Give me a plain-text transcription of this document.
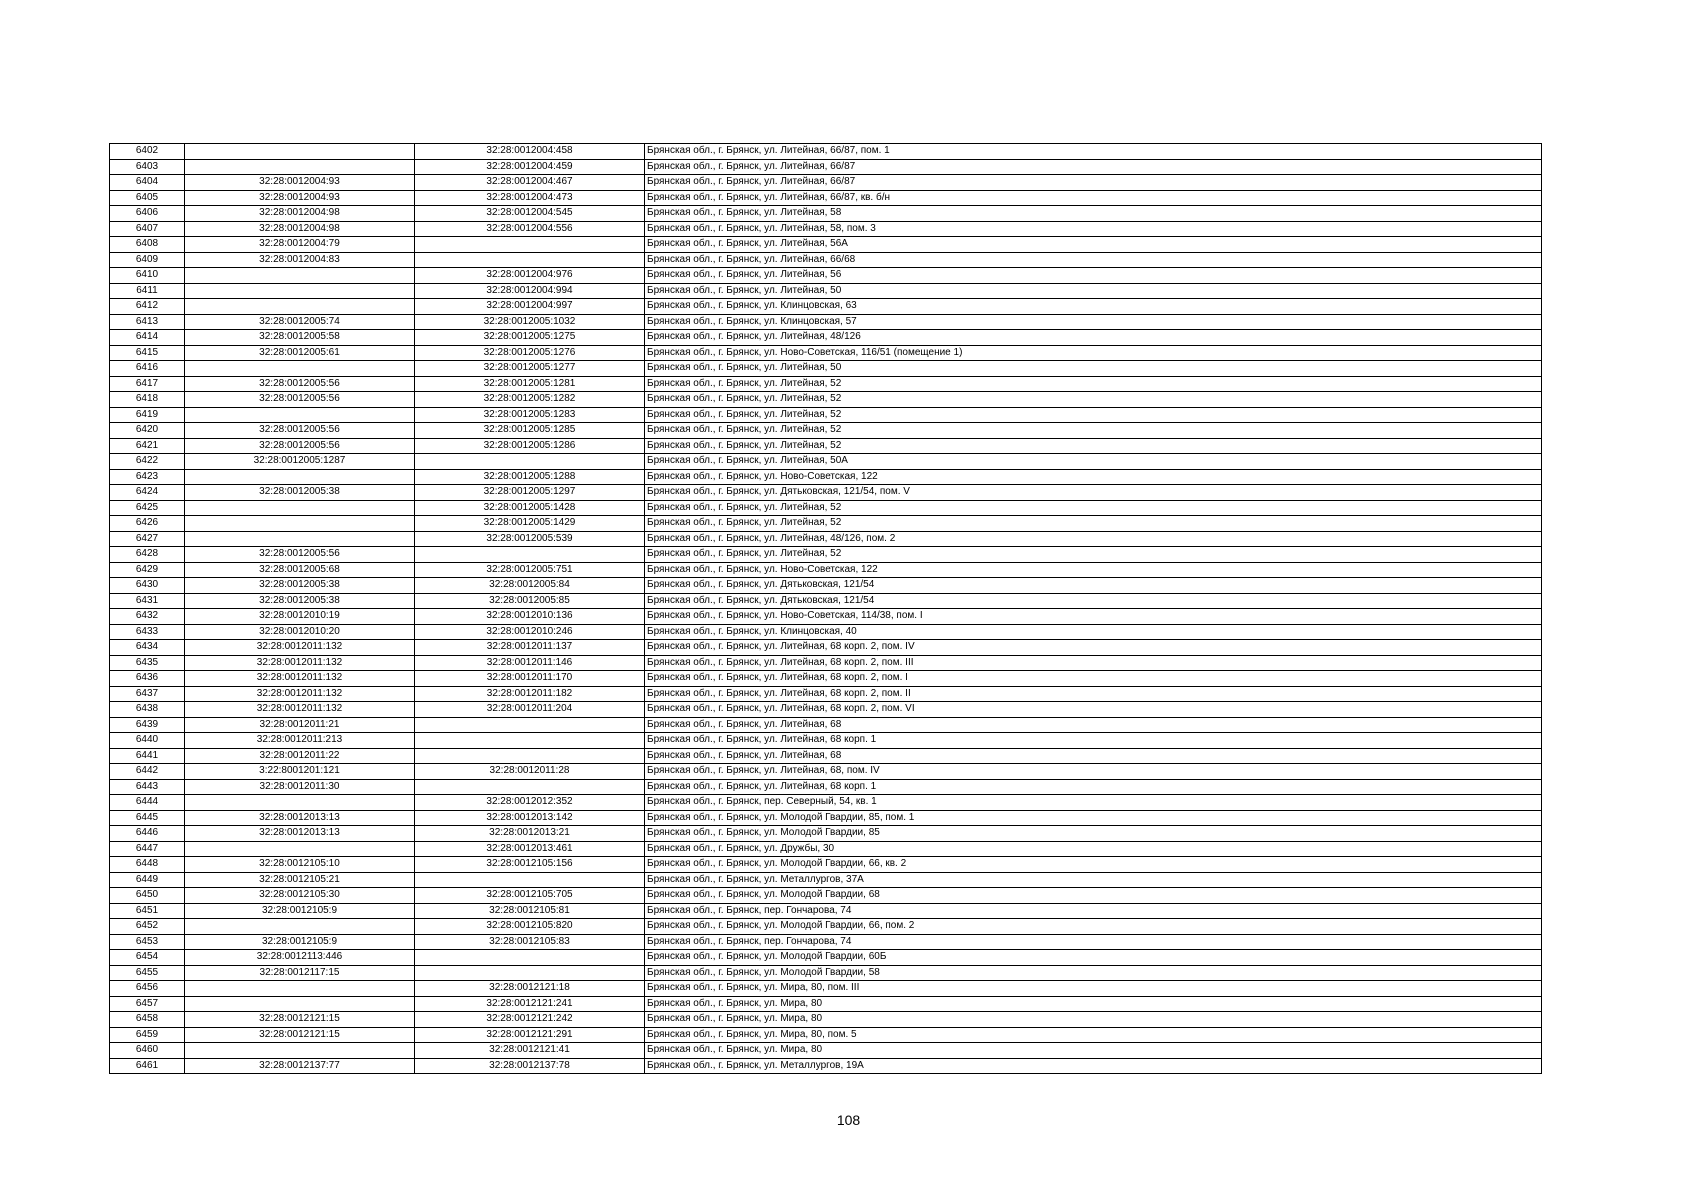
6402		32:28:0012004:458	Брянская обл., г. Брянск, ул. Литейная, 66/87, пом. 1
6403		32:28:0012004:459	Брянская обл., г. Брянск, ул. Литейная, 66/87
6404	32:28:0012004:93	32:28:0012004:467	Брянская обл., г. Брянск, ул. Литейная, 66/87
6405	32:28:0012004:93	32:28:0012004:473	Брянская обл., г. Брянск, ул. Литейная, 66/87, кв. б/н
6406	32:28:0012004:98	32:28:0012004:545	Брянская обл., г. Брянск, ул. Литейная, 58
6407	32:28:0012004:98	32:28:0012004:556	Брянская обл., г. Брянск, ул. Литейная, 58, пом. 3
6408	32:28:0012004:79		Брянская обл., г. Брянск, ул. Литейная, 56А
6409	32:28:0012004:83		Брянская обл., г. Брянск, ул. Литейная, 66/68
6410		32:28:0012004:976	Брянская обл., г. Брянск, ул. Литейная, 56
6411		32:28:0012004:994	Брянская обл., г. Брянск, ул. Литейная, 50
6412		32:28:0012004:997	Брянская обл., г. Брянск, ул. Клинцовская, 63
6413	32:28:0012005:74	32:28:0012005:1032	Брянская обл., г. Брянск, ул. Клинцовская, 57
6414	32:28:0012005:58	32:28:0012005:1275	Брянская обл., г. Брянск, ул. Литейная, 48/126
6415	32:28:0012005:61	32:28:0012005:1276	Брянская обл., г. Брянск, ул. Ново-Советская, 116/51 (помещение 1)
6416		32:28:0012005:1277	Брянская обл., г. Брянск, ул. Литейная, 50
6417	32:28:0012005:56	32:28:0012005:1281	Брянская обл., г. Брянск, ул. Литейная, 52
6418	32:28:0012005:56	32:28:0012005:1282	Брянская обл., г. Брянск, ул. Литейная, 52
6419		32:28:0012005:1283	Брянская обл., г. Брянск, ул. Литейная, 52
6420	32:28:0012005:56	32:28:0012005:1285	Брянская обл., г. Брянск, ул. Литейная, 52
6421	32:28:0012005:56	32:28:0012005:1286	Брянская обл., г. Брянск, ул. Литейная, 52
6422	32:28:0012005:1287		Брянская обл., г. Брянск, ул. Литейная, 50А
6423		32:28:0012005:1288	Брянская обл., г. Брянск, ул. Ново-Советская, 122
6424	32:28:0012005:38	32:28:0012005:1297	Брянская обл., г. Брянск, ул. Дятьковская, 121/54, пом. V
6425		32:28:0012005:1428	Брянская обл., г. Брянск, ул. Литейная, 52
6426		32:28:0012005:1429	Брянская обл., г. Брянск, ул. Литейная, 52
6427		32:28:0012005:539	Брянская обл., г. Брянск, ул. Литейная, 48/126, пом. 2
6428	32:28:0012005:56		Брянская обл., г. Брянск, ул. Литейная, 52
6429	32:28:0012005:68	32:28:0012005:751	Брянская обл., г. Брянск, ул. Ново-Советская, 122
6430	32:28:0012005:38	32:28:0012005:84	Брянская обл., г. Брянск, ул. Дятьковская, 121/54
6431	32:28:0012005:38	32:28:0012005:85	Брянская обл., г. Брянск, ул. Дятьковская, 121/54
6432	32:28:0012010:19	32:28:0012010:136	Брянская обл., г. Брянск, ул. Ново-Советская, 114/38, пом. I
6433	32:28:0012010:20	32:28:0012010:246	Брянская обл., г. Брянск, ул. Клинцовская, 40
6434	32:28:0012011:132	32:28:0012011:137	Брянская обл., г. Брянск, ул. Литейная, 68 корп. 2, пом. IV
6435	32:28:0012011:132	32:28:0012011:146	Брянская обл., г. Брянск, ул. Литейная, 68 корп. 2, пом. III
6436	32:28:0012011:132	32:28:0012011:170	Брянская обл., г. Брянск, ул. Литейная, 68 корп. 2, пом. I
6437	32:28:0012011:132	32:28:0012011:182	Брянская обл., г. Брянск, ул. Литейная, 68 корп. 2, пом. II
6438	32:28:0012011:132	32:28:0012011:204	Брянская обл., г. Брянск, ул. Литейная, 68 корп. 2, пом. VI
6439	32:28:0012011:21		Брянская обл., г. Брянск, ул. Литейная, 68
6440	32:28:0012011:213		Брянская обл., г. Брянск, ул. Литейная, 68 корп. 1
6441	32:28:0012011:22		Брянская обл., г. Брянск, ул. Литейная, 68
6442	3:22:8001201:121	32:28:0012011:28	Брянская обл., г. Брянск, ул. Литейная, 68, пом. IV
6443	32:28:0012011:30		Брянская обл., г. Брянск, ул. Литейная, 68 корп. 1
6444		32:28:0012012:352	Брянская обл., г. Брянск, пер. Северный, 54, кв. 1
6445	32:28:0012013:13	32:28:0012013:142	Брянская обл., г. Брянск, ул. Молодой Гвардии, 85, пом. 1
6446	32:28:0012013:13	32:28:0012013:21	Брянская обл., г. Брянск, ул. Молодой Гвардии, 85
6447		32:28:0012013:461	Брянская обл., г. Брянск, ул. Дружбы, 30
6448	32:28:0012105:10	32:28:0012105:156	Брянская обл., г. Брянск, ул. Молодой Гвардии, 66, кв. 2
6449	32:28:0012105:21		Брянская обл., г. Брянск, ул. Металлургов, 37А
6450	32:28:0012105:30	32:28:0012105:705	Брянская обл., г. Брянск, ул. Молодой Гвардии, 68
6451	32:28:0012105:9	32:28:0012105:81	Брянская обл., г. Брянск, пер. Гончарова, 74
6452		32:28:0012105:820	Брянская обл., г. Брянск, ул. Молодой Гвардии, 66, пом. 2
6453	32:28:0012105:9	32:28:0012105:83	Брянская обл., г. Брянск, пер. Гончарова, 74
6454	32:28:0012113:446		Брянская обл., г. Брянск, ул. Молодой Гвардии, 60Б
6455	32:28:0012117:15		Брянская обл., г. Брянск, ул. Молодой Гвардии, 58
6456		32:28:0012121:18	Брянская обл., г. Брянск, ул. Мира, 80, пом. III
6457		32:28:0012121:241	Брянская обл., г. Брянск, ул. Мира, 80
6458	32:28:0012121:15	32:28:0012121:242	Брянская обл., г. Брянск, ул. Мира, 80
6459	32:28:0012121:15	32:28:0012121:291	Брянская обл., г. Брянск, ул. Мира, 80, пом. 5
6460		32:28:0012121:41	Брянская обл., г. Брянск, ул. Мира, 80
6461	32:28:0012137:77	32:28:0012137:78	Брянская обл., г. Брянск, ул. Металлургов, 19А
108
